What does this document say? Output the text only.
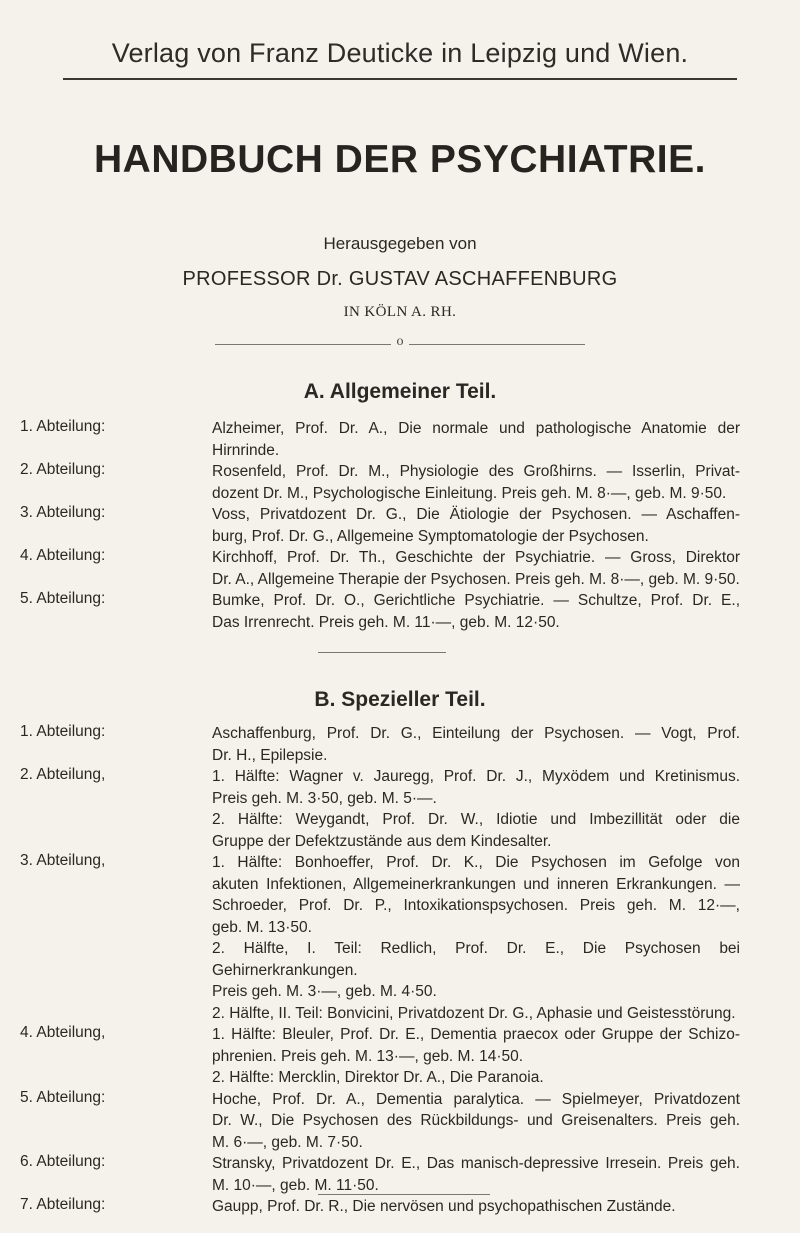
Verlag von Franz Deuticke in Leipzig und Wien.
HANDBUCH DER PSYCHIATRIE.
Herausgegeben von
PROFESSOR Dr. GUSTAV ASCHAFFENBURG
IN KÖLN A. RH.
o
A. Allgemeiner Teil.
1. Abteilung:	Alzheimer, Prof. Dr. A., Die normale und pathologische Anatomie der
Hirnrinde.
2. Abteilung:	Rosenfeld, Prof. Dr. M., Physiologie des Großhirns. — Isserlin, Privat-
dozent Dr. M., Psychologische Einleitung. Preis geh. M. 8·—, geb. M. 9·50.
3. Abteilung:	Voss, Privatdozent Dr. G., Die Ätiologie der Psychosen. — Aschaffen-
burg, Prof. Dr. G., Allgemeine Symptomatologie der Psychosen.
4. Abteilung:	Kirchhoff, Prof. Dr. Th., Geschichte der Psychiatrie. — Gross, Direktor
Dr. A., Allgemeine Therapie der Psychosen. Preis geh. M. 8·—, geb. M. 9·50.
5. Abteilung:	Bumke, Prof. Dr. O., Gerichtliche Psychiatrie. — Schultze, Prof. Dr. E.,
Das Irrenrecht. Preis geh. M. 11·—, geb. M. 12·50.
B. Spezieller Teil.
1. Abteilung:	Aschaffenburg, Prof. Dr. G., Einteilung der Psychosen. — Vogt, Prof.
Dr. H., Epilepsie.
2. Abteilung,	1. Hälfte: Wagner v. Jauregg, Prof. Dr. J., Myxödem und Kretinismus.
Preis geh. M. 3·50, geb. M. 5·—.
2. Hälfte: Weygandt, Prof. Dr. W., Idiotie und Imbezillität oder die
Gruppe der Defektzustände aus dem Kindesalter.
3. Abteilung,	1. Hälfte: Bonhoeffer, Prof. Dr. K., Die Psychosen im Gefolge von
akuten Infektionen, Allgemeinerkrankungen und inneren Erkrankungen. —
Schroeder, Prof. Dr. P., Intoxikationspsychosen. Preis geh. M. 12·—,
geb. M. 13·50.
2. Hälfte, I. Teil: Redlich, Prof. Dr. E., Die Psychosen bei Gehirnerkrankungen.
Preis geh. M. 3·—, geb. M. 4·50.
2. Hälfte, II. Teil: Bonvicini, Privatdozent Dr. G., Aphasie und Geistesstörung.
4. Abteilung,	1. Hälfte: Bleuler, Prof. Dr. E., Dementia praecox oder Gruppe der Schizo-
phrenien. Preis geh. M. 13·—, geb. M. 14·50.
2. Hälfte: Mercklin, Direktor Dr. A., Die Paranoia.
5. Abteilung:	Hoche, Prof. Dr. A., Dementia paralytica. — Spielmeyer, Privatdozent
Dr. W., Die Psychosen des Rückbildungs- und Greisenalters. Preis geh.
M. 6·—, geb. M. 7·50.
6. Abteilung:	Stransky, Privatdozent Dr. E., Das manisch-depressive Irresein. Preis geh.
M. 10·—, geb. M. 11·50.
7. Abteilung:	Gaupp, Prof. Dr. R., Die nervösen und psychopathischen Zustände.
